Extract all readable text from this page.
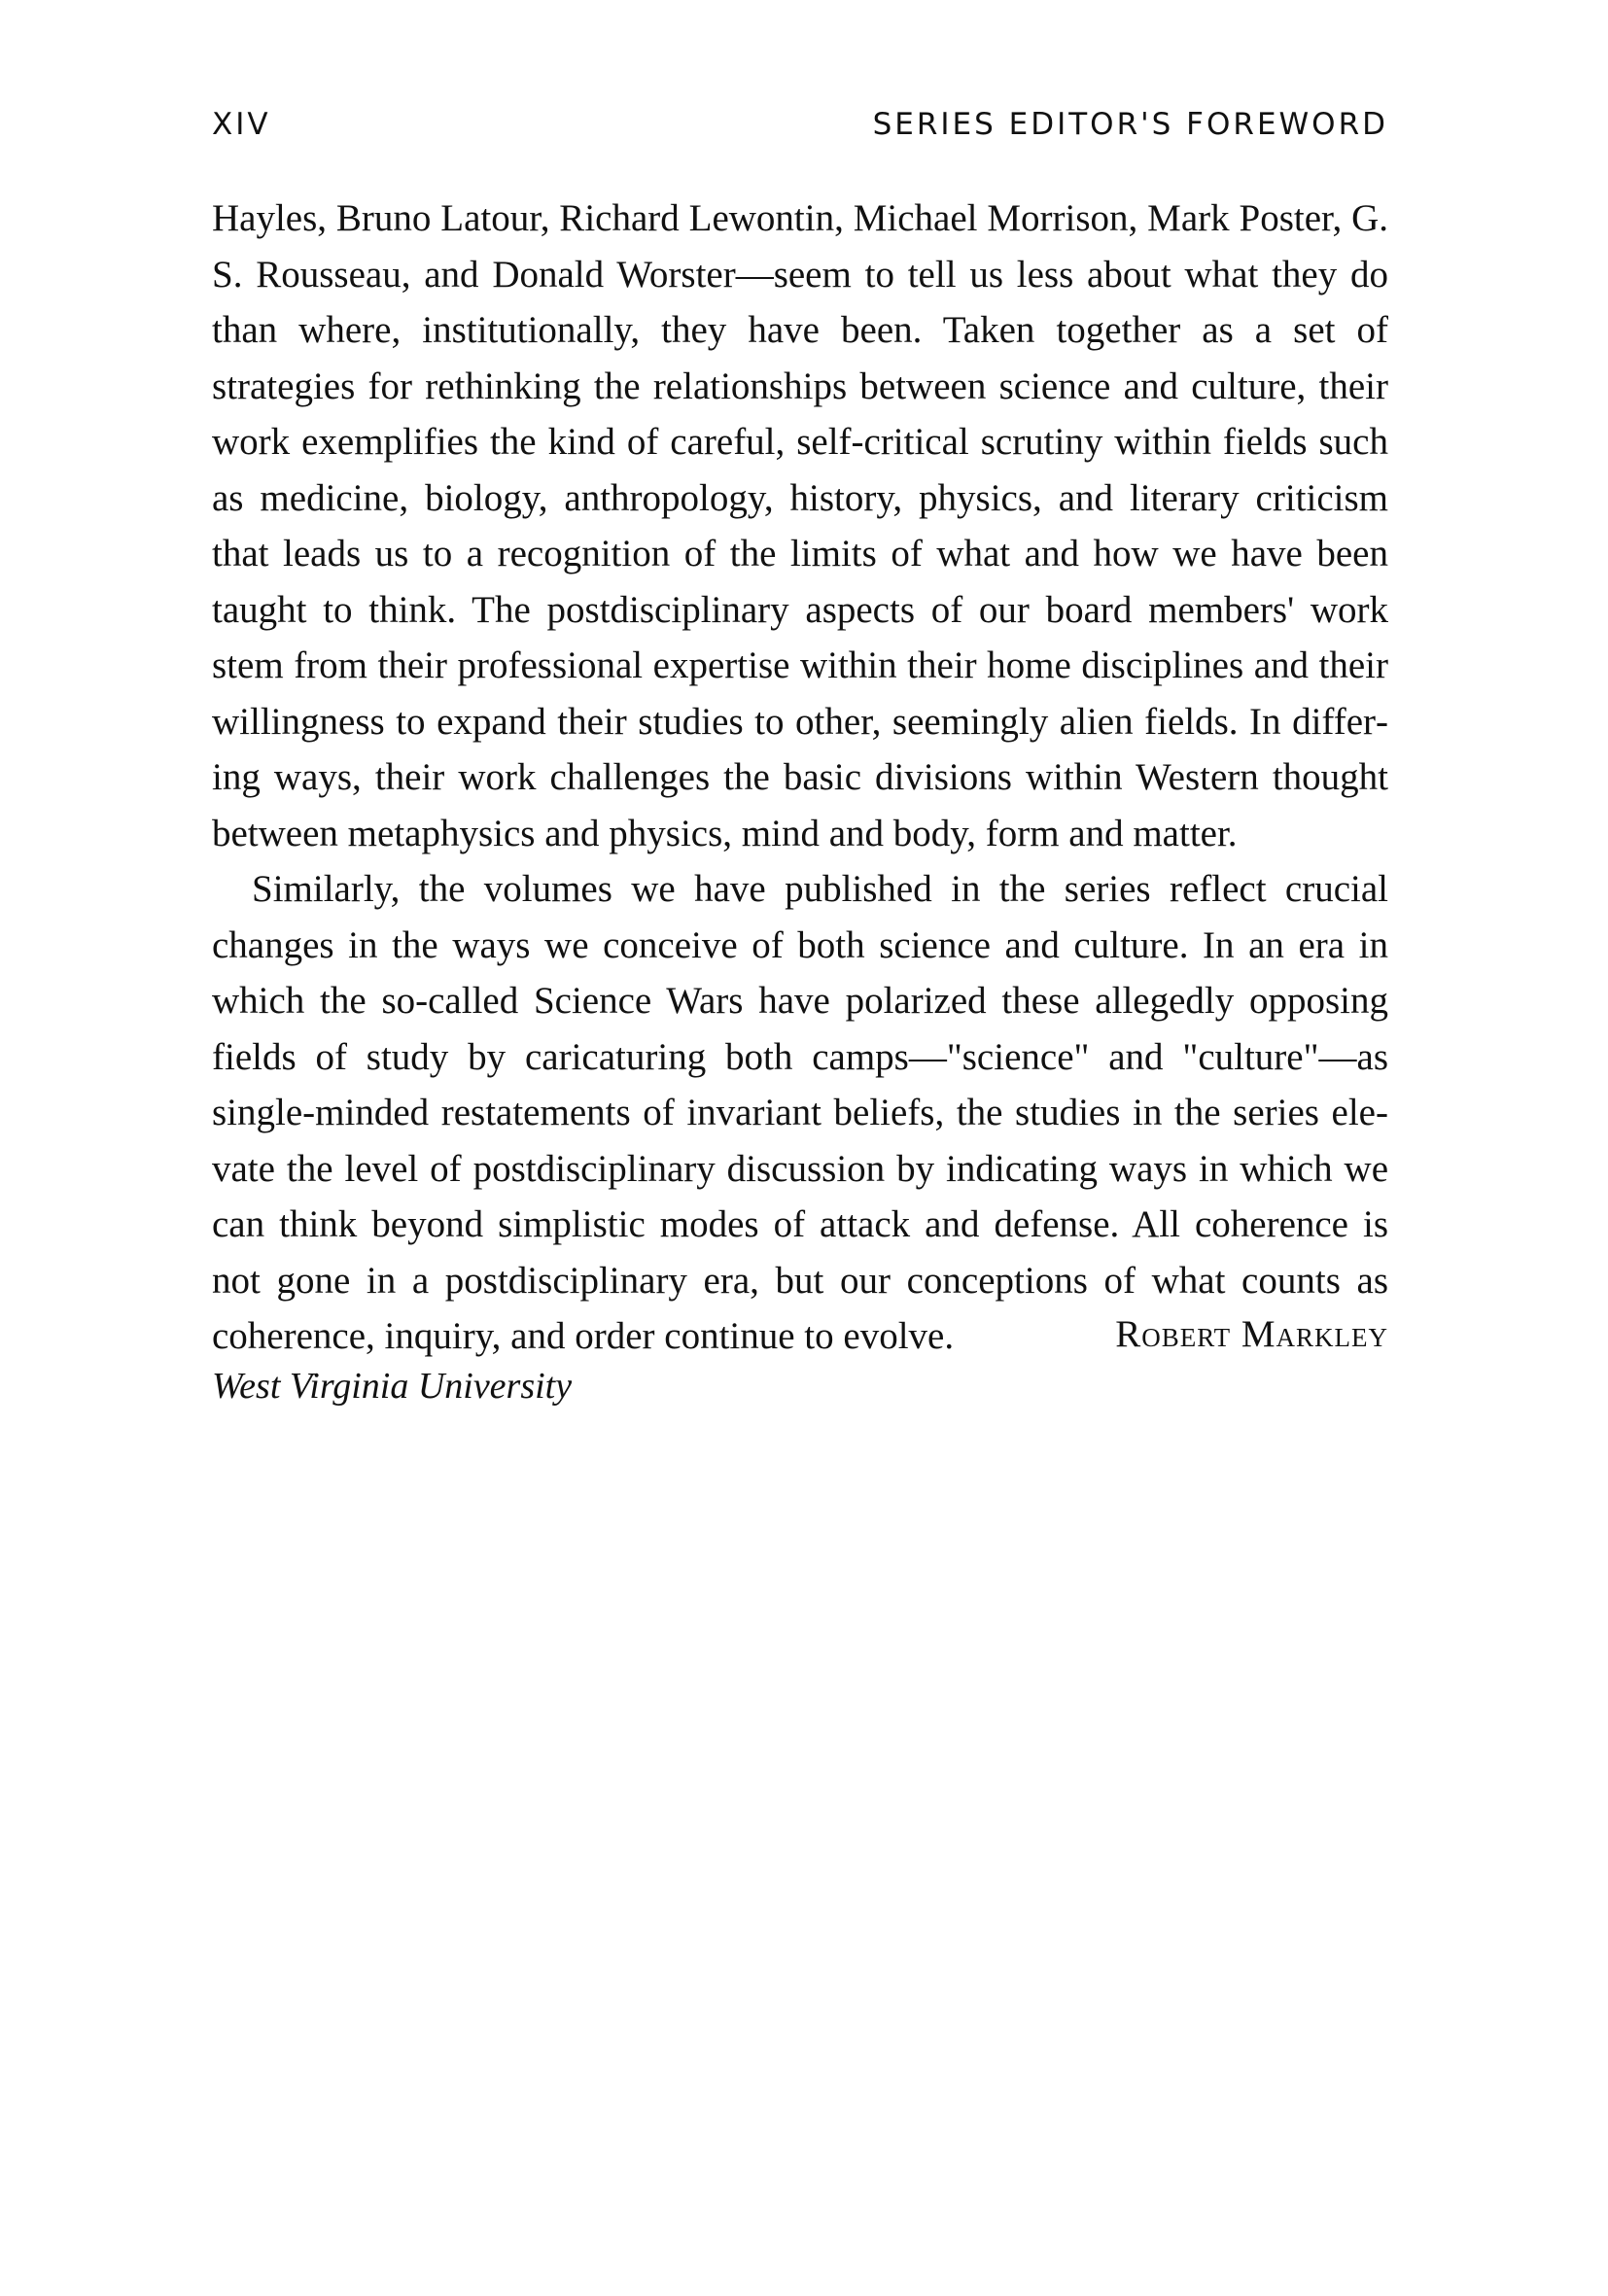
XIV	SERIES EDITOR'S FOREWORD

Hayles, Bruno Latour, Richard Lewontin, Michael Morrison, Mark Poster, G. S. Rousseau, and Donald Worster—seem to tell us less about what they do than where, institutionally, they have been. Taken together as a set of strategies for rethinking the relationships between science and culture, their work exemplifies the kind of careful, self-critical scrutiny within fields such as medicine, biology, anthropology, history, physics, and literary criticism that leads us to a recognition of the limits of what and how we have been taught to think. The postdisciplinary aspects of our board members' work stem from their professional expertise within their home disciplines and their willingness to expand their studies to other, seemingly alien fields. In differing ways, their work challenges the basic divisions within Western thought between metaphysics and physics, mind and body, form and matter.

Similarly, the volumes we have published in the series reflect crucial changes in the ways we conceive of both science and culture. In an era in which the so-called Science Wars have polarized these allegedly opposing fields of study by caricaturing both camps—"science" and "culture"—as single-minded restatements of invariant beliefs, the studies in the series elevate the level of postdisciplinary discussion by indicating ways in which we can think beyond simplistic modes of attack and defense. All coherence is not gone in a postdisciplinary era, but our conceptions of what counts as coherence, inquiry, and order continue to evolve.	Robert Markley
West Virginia University
